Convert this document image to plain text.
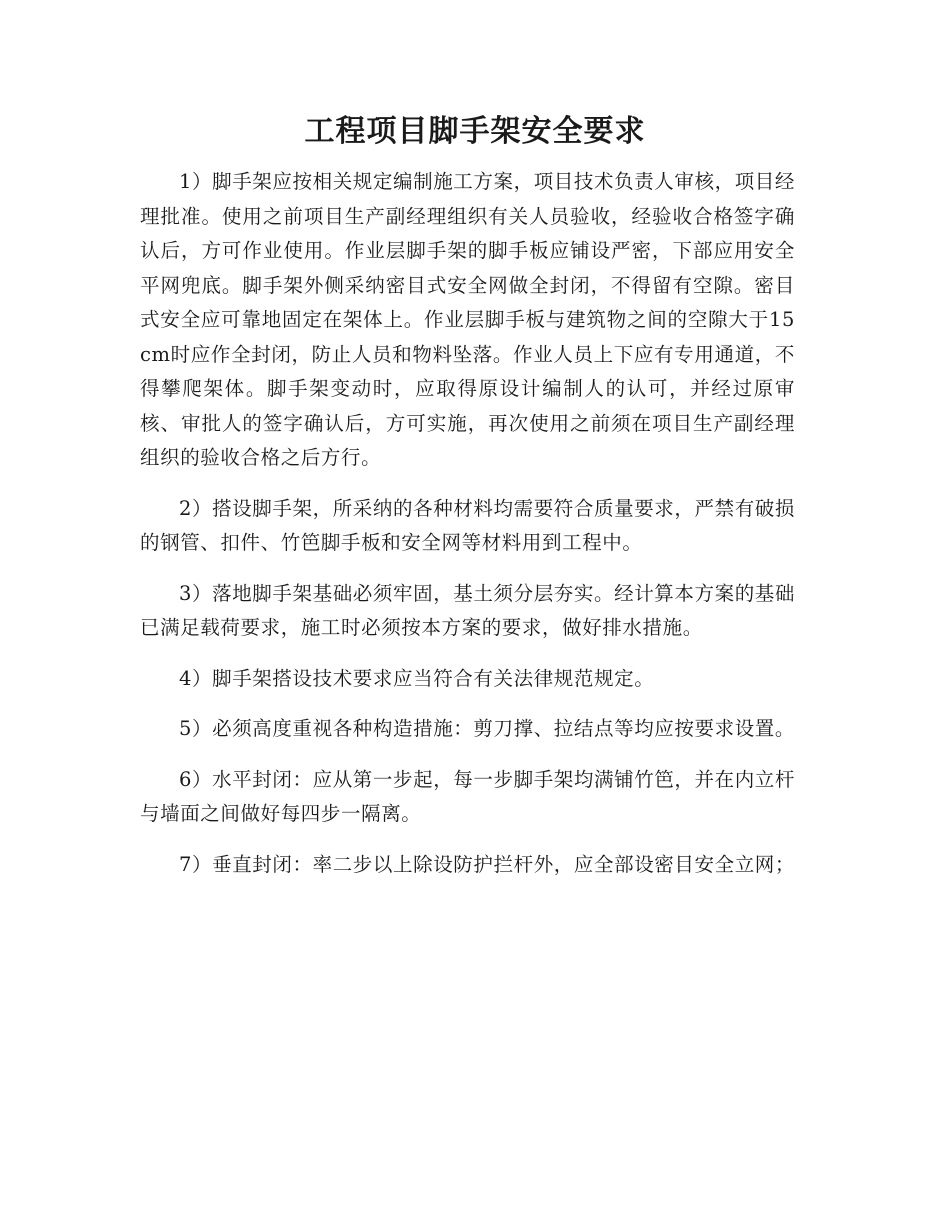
工程项目脚手架安全要求

1）脚手架应按相关规定编制施工方案，项目技术负责人审核，项目经理批准。使用之前项目生产副经理组织有关人员验收，经验收合格签字确认后，方可作业使用。作业层脚手架的脚手板应铺设严密，下部应用安全平网兜底。脚手架外侧采纳密目式安全网做全封闭，不得留有空隙。密目式安全应可靠地固定在架体上。作业层脚手板与建筑物之间的空隙大于15cm时应作全封闭，防止人员和物料坠落。作业人员上下应有专用通道，不得攀爬架体。脚手架变动时，应取得原设计编制人的认可，并经过原审核、审批人的签字确认后，方可实施，再次使用之前须在项目生产副经理组织的验收合格之后方行。

2）搭设脚手架，所采纳的各种材料均需要符合质量要求，严禁有破损的钢管、扣件、竹笆脚手板和安全网等材料用到工程中。

3）落地脚手架基础必须牢固，基土须分层夯实。经计算本方案的基础已满足载荷要求，施工时必须按本方案的要求，做好排水措施。

4）脚手架搭设技术要求应当符合有关法律规范规定。

5）必须高度重视各种构造措施：剪刀撑、拉结点等均应按要求设置。

6）水平封闭：应从第一步起，每一步脚手架均满铺竹笆，并在内立杆与墙面之间做好每四步一隔离。

7）垂直封闭：率二步以上除设防护拦杆外，应全部设密目安全立网；
